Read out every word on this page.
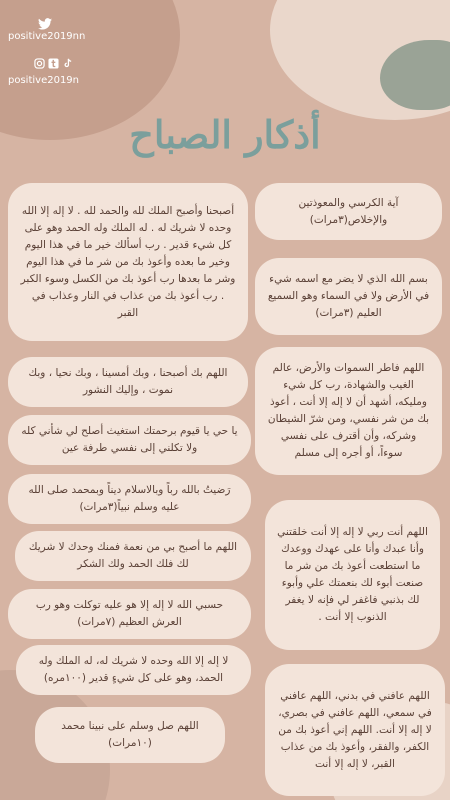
positive2019nn
positive2019n
أذكار الصباح
آية الكرسي والمعوذتين والإخلاص(٣مرات)
بسم الله الذي لا يضر مع اسمه شيء في الأرض ولا في السماء وهو السميع العليم (٣مرات)
اللهم فاطر السموات والأرض، عالم الغيب والشهادة، رب كل شيء ومليكه، أشهد أن لا إله إلا أنت ، أعوذ بك من شر نفسي، ومن شرّ الشيطان وشركه، وأن أقترف على نفسي سوءاً، أو أجره إلى مسلم
اللهم أنت ربي لا إله إلا أنت خلقتني وأنا عبدك وأنا على عهدك ووعدك ما استطعت أعوذ بك من شر ما صنعت أبوء لك بنعمتك علي وأبوء لك بذنبي فاغفر لي فإنه لا يغفر الذنوب إلا أنت .
اللهم عافني في بدني، اللهم عافني في سمعي، اللهم عافني في بصري، لا إله إلا أنت. اللهم إني أعوذ بك من الكفر، والفقر، وأعوذ بك من عذاب القبر، لا إله إلا أنت
أصبحنا وأصبح الملك لله والحمد لله . لا إله إلا الله وحده لا شريك له . له الملك وله الحمد وهو على كل شيء قدير . رب أسألك خير ما في هذا اليوم وخير ما بعده وأعوذ بك من شر ما في هذا اليوم وشر ما بعدها رب أعوذ بك من الكسل وسوء الكبر . رب أعوذ بك من عذاب في النار وعذاب في القبر
اللهم بك أصبحنا ، وبك أمسينا ، وبك نحيا ، وبك نموت ، وإليك النشور
يا حي يا قيوم برحمتك استغيث أصلح لي شأني كله ولا تكلني إلى نفسي طرفة عين
رَضيتُ بالله رباً وبالاسلام ديناً وبمحمد صلى الله عليه وسلم نبياً(٣مرات)
اللهم ما أصبح بي من نعمة فمنك وحدك لا شريك لك فلك الحمد ولك الشكر
حسبي الله لا إله إلا هو عليه توكلت وهو رب العرش العظيم (٧مرات)
لا إله إلا الله وحده لا شريك له، له الملك وله الحمد، وهو على كل شيءٍ قدير (١٠٠مره)
اللهم صل وسلم على نبينا محمد (١٠مرات)
